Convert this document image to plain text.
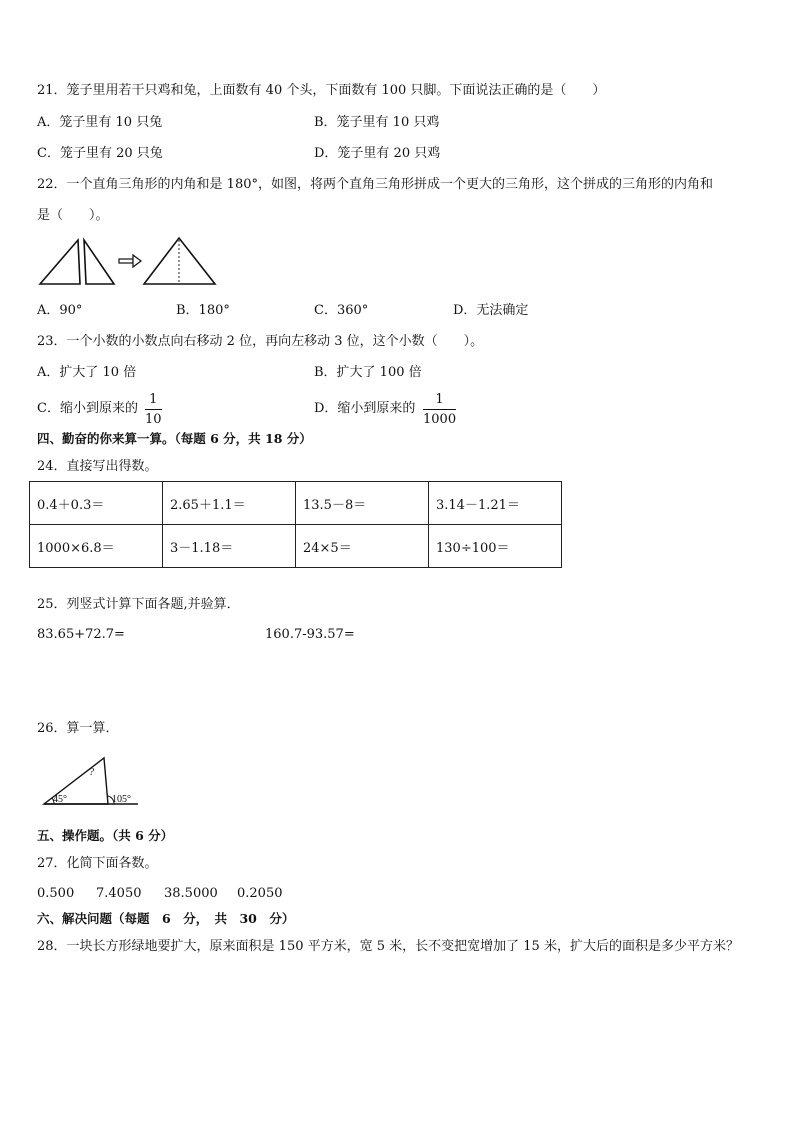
21．笼子里用若干只鸡和兔，上面数有 40 个头，下面数有 100 只脚。下面说法正确的是（　　）
A．笼子里有 10 只兔	B．笼子里有 10 只鸡
C．笼子里有 20 只兔	D．笼子里有 20 只鸡
22．一个直角三角形的内角和是 180°，如图，将两个直角三角形拼成一个更大的三角形，这个拼成的三角形的内角和
是（　　）。
A．90°	B．180°	C．360°	D．无法确定
23．一个小数的小数点向右移动 2 位，再向左移动 3 位，这个小数（　　）。
A．扩大了 10 倍	B．扩大了 100 倍
C．缩小到原来的 $\frac{1}{10}$	D．缩小到原来的 $\frac{1}{1000}$
四、勤奋的你来算一算。（每题 6 分，共 18 分）
24．直接写出得数。
0.4＋0.3＝	2.65＋1.1＝	13.5－8＝	3.14－1.21＝
1000×6.8＝	3－1.18＝	24×5＝	130÷100＝
25．列竖式计算下面各题,并验算．
83.65+72.7=	160.7-93.57=
26．算一算．
?
45°	105°
五、操作题。（共 6 分）
27．化简下面各数。
0.500 7.4050 38.5000 0.2050
六、解决问题（每题　6　分，　共　30　分）
28．一块长方形绿地要扩大，原来面积是 150 平方米，宽 5 米，长不变把宽增加了 15 米，扩大后的面积是多少平方米？
